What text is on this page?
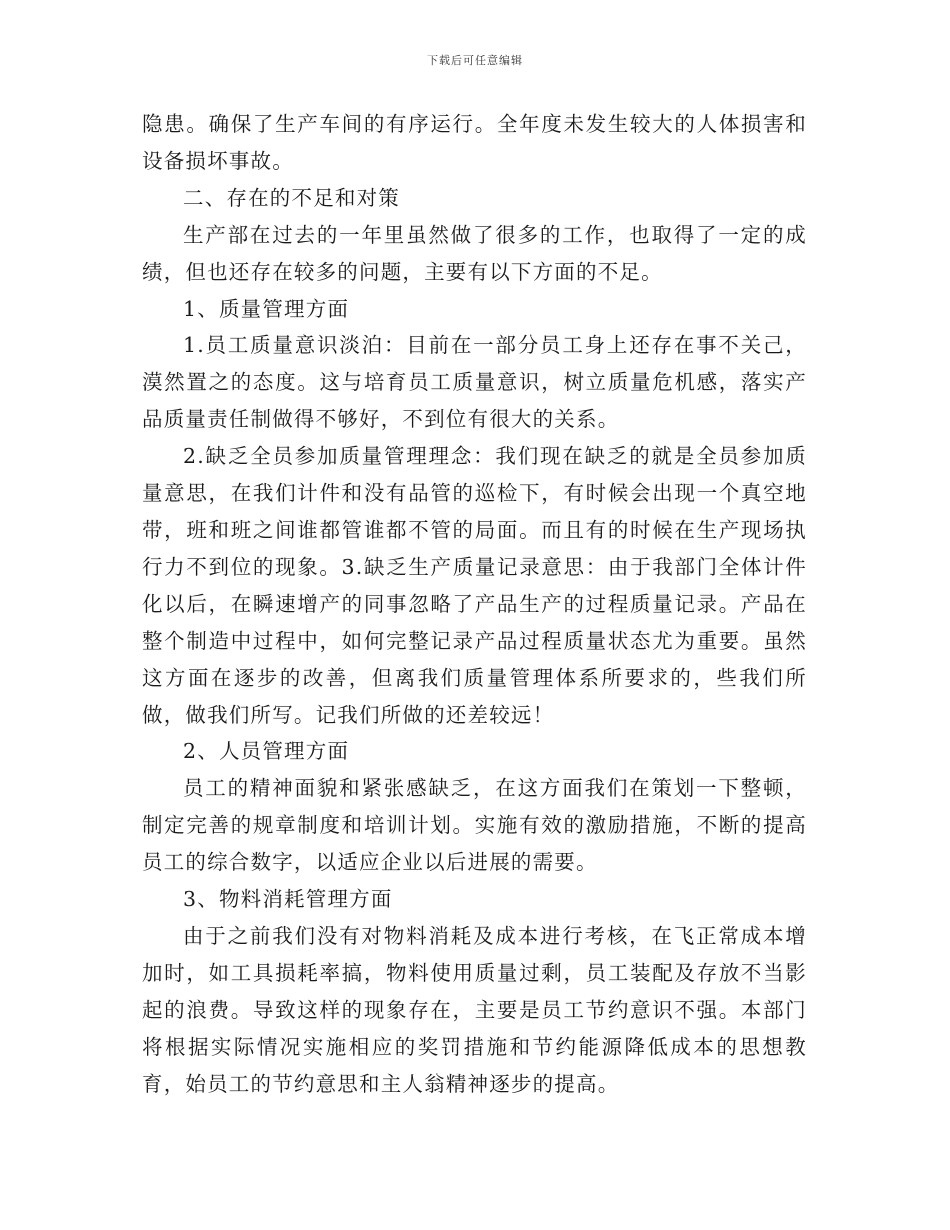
下载后可任意编辑

隐患。确保了生产车间的有序运行。全年度未发生较大的人体损害和设备损坏事故。

二、存在的不足和对策

生产部在过去的一年里虽然做了很多的工作，也取得了一定的成绩，但也还存在较多的问题，主要有以下方面的不足。

1、质量管理方面

1.员工质量意识淡泊：目前在一部分员工身上还存在事不关己，漠然置之的态度。这与培育员工质量意识，树立质量危机感，落实产品质量责任制做得不够好，不到位有很大的关系。

2.缺乏全员参加质量管理理念：我们现在缺乏的就是全员参加质量意思，在我们计件和没有品管的巡检下，有时候会出现一个真空地带，班和班之间谁都管谁都不管的局面。而且有的时候在生产现场执行力不到位的现象。3.缺乏生产质量记录意思：由于我部门全体计件化以后，在瞬速增产的同事忽略了产品生产的过程质量记录。产品在整个制造中过程中，如何完整记录产品过程质量状态尤为重要。虽然这方面在逐步的改善，但离我们质量管理体系所要求的，些我们所做，做我们所写。记我们所做的还差较远！

2、人员管理方面

员工的精神面貌和紧张感缺乏，在这方面我们在策划一下整顿，制定完善的规章制度和培训计划。实施有效的激励措施，不断的提高员工的综合数字，以适应企业以后进展的需要。

3、物料消耗管理方面

由于之前我们没有对物料消耗及成本进行考核，在飞正常成本增加时，如工具损耗率搞，物料使用质量过剩，员工装配及存放不当影起的浪费。导致这样的现象存在，主要是员工节约意识不强。本部门将根据实际情况实施相应的奖罚措施和节约能源降低成本的思想教育，始员工的节约意思和主人翁精神逐步的提高。
